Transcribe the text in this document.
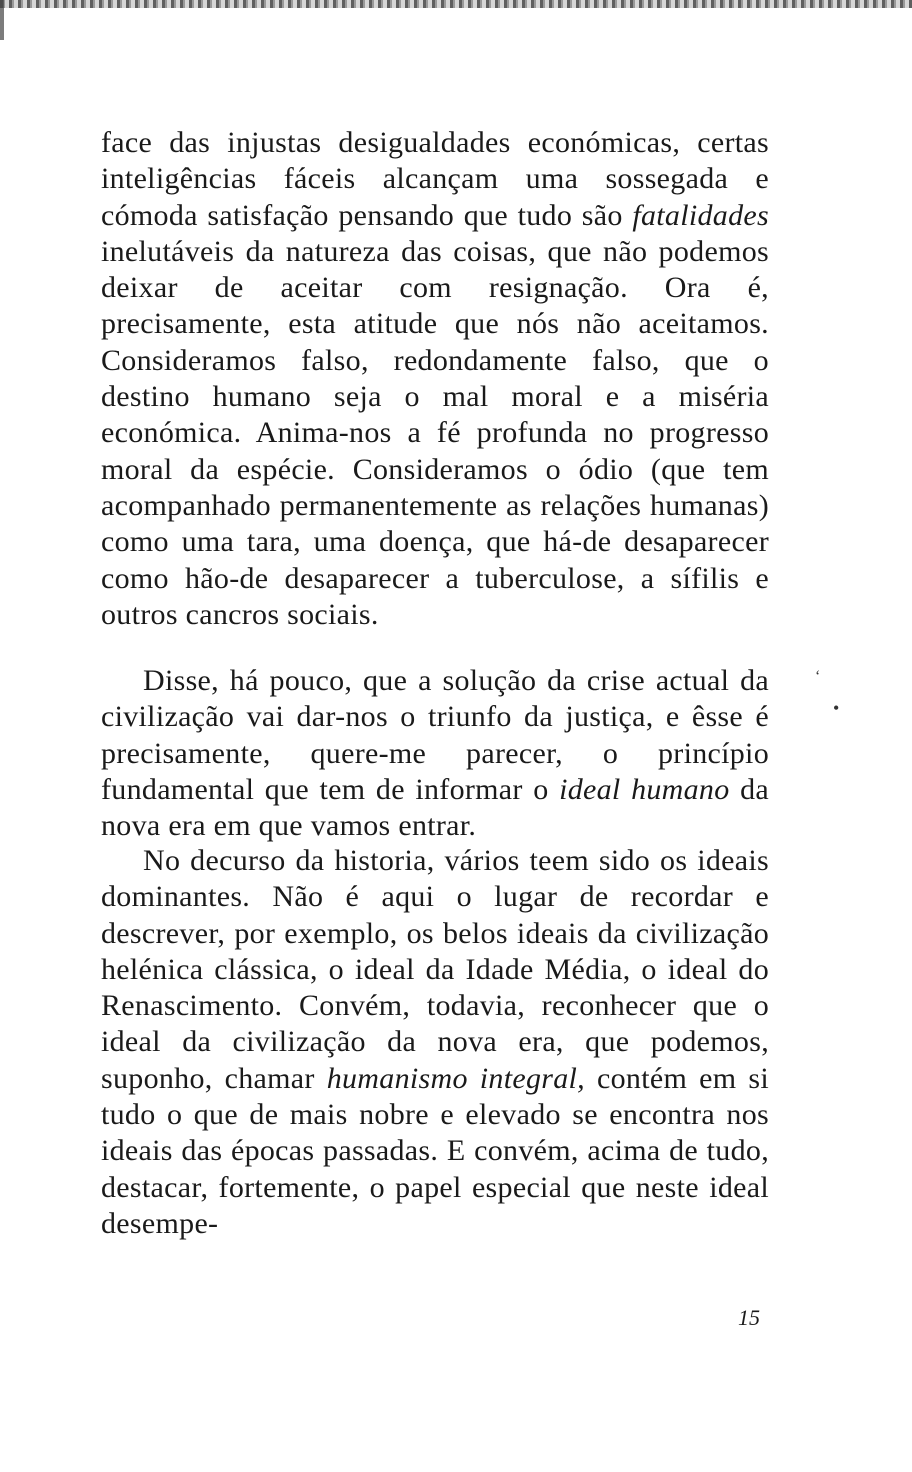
face das injustas desigualdades económicas, certas inteligências fáceis alcançam uma sossegada e cómoda satisfação pensando que tudo são fatalidades inelutáveis da natureza das coisas, que não podemos deixar de aceitar com resignação. Ora é, precisamente, esta atitude que nós não aceitamos. Consideramos falso, redondamente falso, que o destino humano seja o mal moral e a miséria económica. Anima-nos a fé profunda no progresso moral da espécie. Consideramos o ódio (que tem acompanhado permanentemente as relações humanas) como uma tara, uma doença, que há-de desaparecer como hão-de desaparecer a tuberculose, a sífilis e outros cancros sociais.

Disse, há pouco, que a solução da crise actual da civilização vai dar-nos o triunfo da justiça, e êsse é precisamente, quere-me parecer, o princípio fundamental que tem de informar o ideal humano da nova era em que vamos entrar.

No decurso da historia, vários teem sido os ideais dominantes. Não é aqui o lugar de recordar e descrever, por exemplo, os belos ideais da civilização helénica clássica, o ideal da Idade Média, o ideal do Renascimento. Convém, todavia, reconhecer que o ideal da civilização da nova era, que podemos, suponho, chamar humanismo integral, contém em si tudo o que de mais nobre e elevado se encontra nos ideais das épocas passadas. E convém, acima de tudo, destacar, fortemente, o papel especial que neste ideal desempe-

ʻ
•
15
